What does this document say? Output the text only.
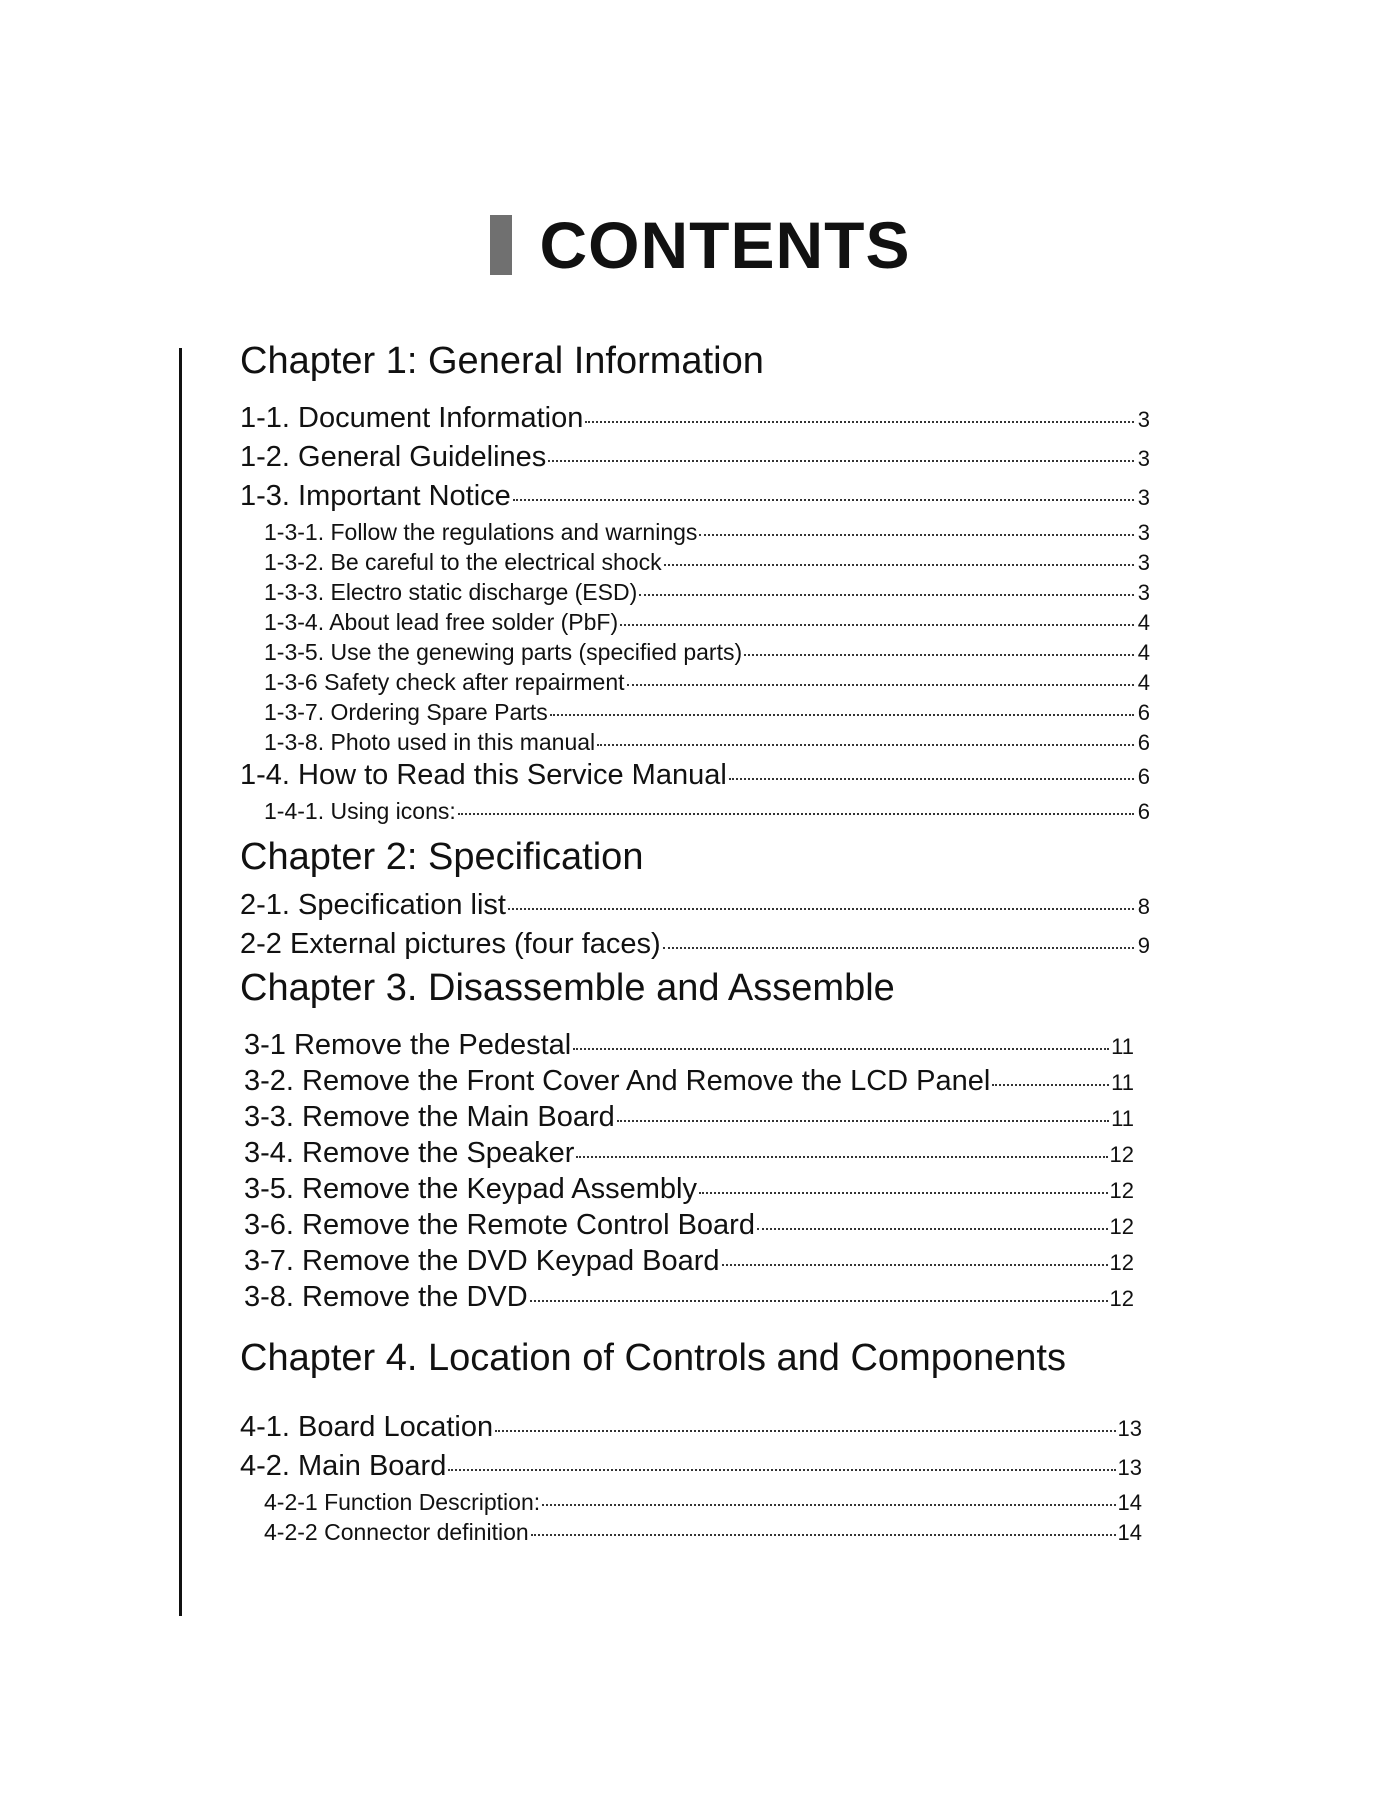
CONTENTS
Chapter 1: General Information
1-1. Document Information	3
1-2. General Guidelines	3
1-3. Important Notice	3
1-3-1. Follow the regulations and warnings	3
1-3-2. Be careful to the electrical shock	3
1-3-3. Electro static discharge (ESD)	3
1-3-4. About lead free solder (PbF)	4
1-3-5. Use the genewing parts (specified parts)	4
1-3-6 Safety check after repairment	4
1-3-7. Ordering Spare Parts	6
1-3-8. Photo used in this manual	6
1-4. How to Read this Service Manual	6
1-4-1. Using icons:	6
Chapter 2: Specification
2-1. Specification list	8
2-2 External pictures (four faces)	9
Chapter 3. Disassemble and Assemble
3-1 Remove the Pedestal	11
3-2. Remove the Front Cover And Remove the LCD Panel	11
3-3. Remove the Main Board	11
3-4. Remove the Speaker	12
3-5. Remove the Keypad Assembly	12
3-6. Remove the Remote Control Board	12
3-7. Remove the DVD Keypad Board	12
3-8. Remove the DVD	12
Chapter 4. Location of Controls and Components
4-1. Board Location	13
4-2. Main Board	13
4-2-1 Function Description:	14
4-2-2 Connector definition	14
